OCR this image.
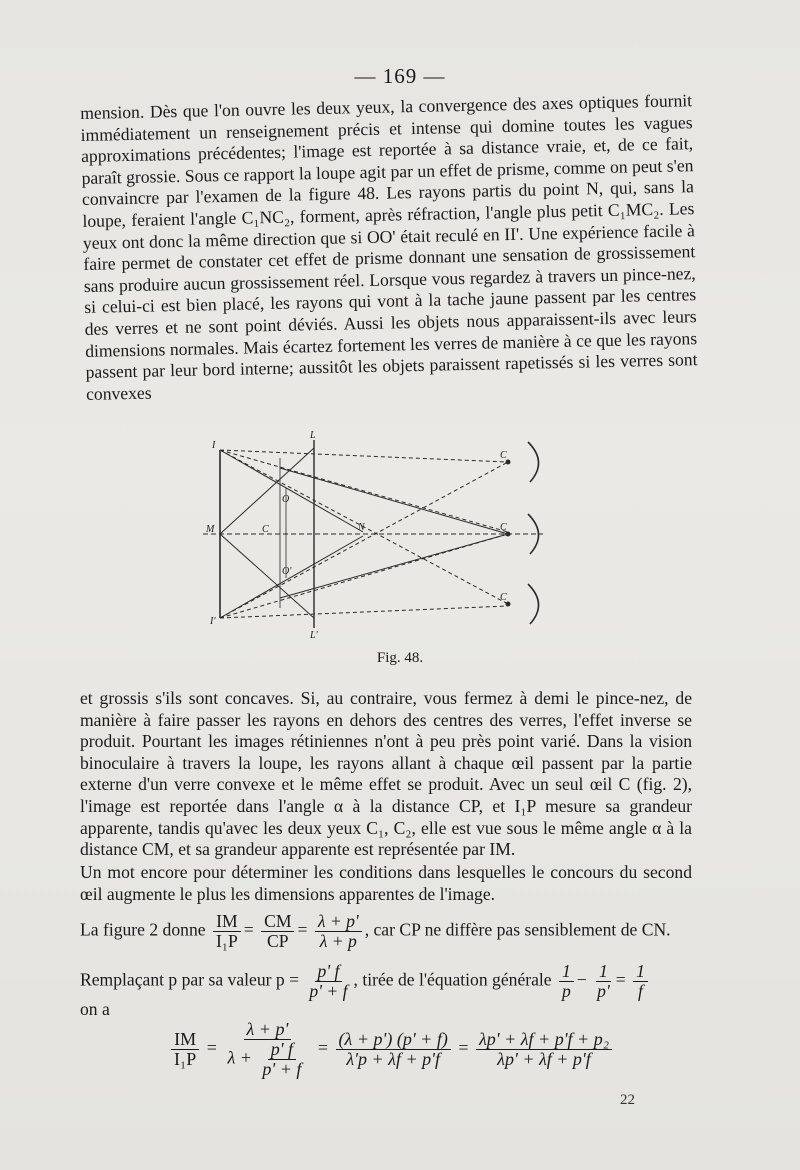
— 169 —

mension. Dès que l'on ouvre les deux yeux, la convergence des axes optiques fournit immédiatement un renseignement précis et intense qui domine toutes les vagues approximations précédentes; l'image est reportée à sa distance vraie, et, de ce fait, paraît grossie. Sous ce rapport la loupe agit par un effet de prisme, comme on peut s'en convaincre par l'examen de la figure 48. Les rayons partis du point N, qui, sans la loupe, feraient l'angle C₁NC₂, forment, après réfraction, l'angle plus petit C₁MC₂. Les yeux ont donc la même direction que si OO' était reculé en II'. Une expérience facile à faire permet de constater cet effet de prisme donnant une sensation de grossissement sans produire aucun grossissement réel. Lorsque vous regardez à travers un pince-nez, si celui-ci est bien placé, les rayons qui vont à la tache jaune passent par les centres des verres et ne sont point déviés. Aussi les objets nous apparaissent-ils avec leurs dimensions normales. Mais écartez fortement les verres de manière à ce que les rayons passent par leur bord interne; aussitôt les objets paraissent rapetissés si les verres sont convexes

I
M
I'
L
L'
O
O'
C	N
C
C
C
Fig. 48.

et grossis s'ils sont concaves. Si, au contraire, vous fermez à demi le pince-nez, de manière à faire passer les rayons en dehors des centres des verres, l'effet inverse se produit. Pourtant les images rétiniennes n'ont à peu près point varié. Dans la vision binoculaire à travers la loupe, les rayons allant à chaque œil passent par la partie externe d'un verre convexe et le même effet se produit. Avec un seul œil C (fig. 2), l'image est reportée dans l'angle α à la distance CP, et I₁P mesure sa grandeur apparente, tandis qu'avec les deux yeux C₁, C₂, elle est vue sous le même angle α à la distance CM, et sa grandeur apparente est représentée par IM.

Un mot encore pour déterminer les conditions dans lesquelles le concours du second œil augmente le plus les dimensions apparentes de l'image.

La figure 2 donne $\frac{IM}{\text{I₁P}} = \frac{CM}{CP} = \frac{\lambda + p'}{\lambda + p}$ , car CP ne diffère pas sensiblement de CN.
Remplaçant p par sa valeur $p = \frac{p' f}{p' + f}$ , tirée de l'équation générale $\frac{1}{p} - \frac{1}{p'} = \frac{1}{f}$
on a
$\frac{IM}{\text{I₁P}} = \frac{\lambda + p'}{\lambda + \frac{p' f}{p' + f}} = \frac{(\lambda + p') (p' + f)}{\lambda'p + \lambda f + p'f} = \frac{\text{λp' + λf + p'f + p₂}}{\lambda p' + \lambda f + p'f}$
22
